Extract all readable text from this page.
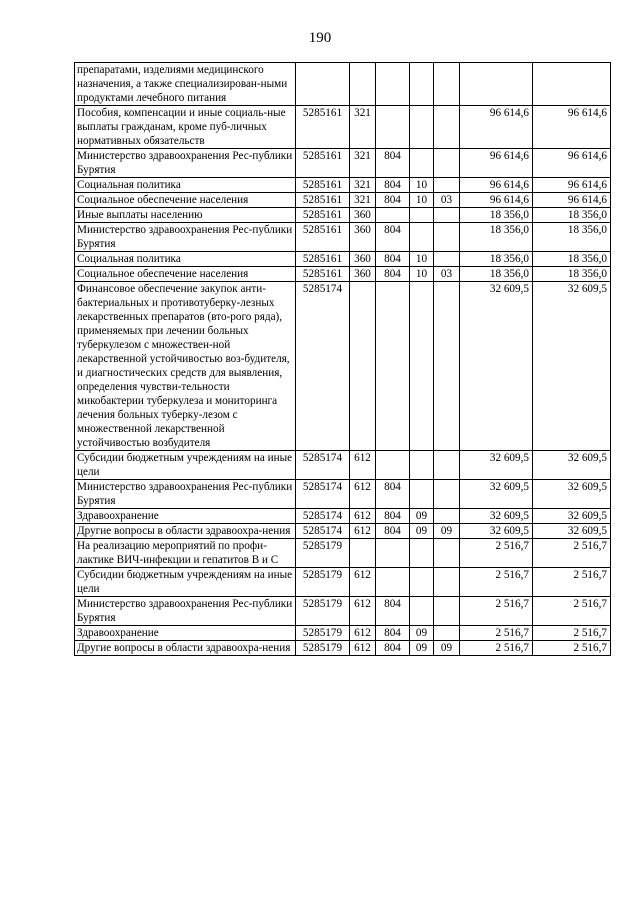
190
препаратами, изделиями медицинского назначения, а также специализирован-ными продуктами лечебного питания							
Пособия, компенсации и иные социаль-ные выплаты гражданам, кроме пуб-личных нормативных обязательств	5285161	321				96 614,6	96 614,6
Министерство здравоохранения Рес-публики Бурятия	5285161	321	804			96 614,6	96 614,6
Социальная политика	5285161	321	804	10		96 614,6	96 614,6
Социальное обеспечение населения	5285161	321	804	10	03	96 614,6	96 614,6
Иные выплаты населению	5285161	360				18 356,0	18 356,0
Министерство здравоохранения Рес-публики Бурятия	5285161	360	804			18 356,0	18 356,0
Социальная политика	5285161	360	804	10		18 356,0	18 356,0
Социальное обеспечение населения	5285161	360	804	10	03	18 356,0	18 356,0
Финансовое обеспечение закупок анти-бактериальных и противотуберку-лезных лекарственных препаратов (вто-рого ряда), применяемых при лечении больных туберкулезом с множествен-ной лекарственной устойчивостью воз-будителя, и диагностических средств для выявления, определения чувстви-тельности микобактерии туберкулеза и мониторинга лечения больных туберку-лезом с множественной лекарственной устойчивостью возбудителя	5285174					32 609,5	32 609,5
Субсидии бюджетным учреждениям на иные цели	5285174	612				32 609,5	32 609,5
Министерство здравоохранения Рес-публики Бурятия	5285174	612	804			32 609,5	32 609,5
Здравоохранение	5285174	612	804	09		32 609,5	32 609,5
Другие вопросы в области здравоохра-нения	5285174	612	804	09	09	32 609,5	32 609,5
На реализацию мероприятий по профи-лактике ВИЧ-инфекции и гепатитов В и С	5285179					2 516,7	2 516,7
Субсидии бюджетным учреждениям на иные цели	5285179	612				2 516,7	2 516,7
Министерство здравоохранения Рес-публики Бурятия	5285179	612	804			2 516,7	2 516,7
Здравоохранение	5285179	612	804	09		2 516,7	2 516,7
Другие вопросы в области здравоохра-нения	5285179	612	804	09	09	2 516,7	2 516,7
